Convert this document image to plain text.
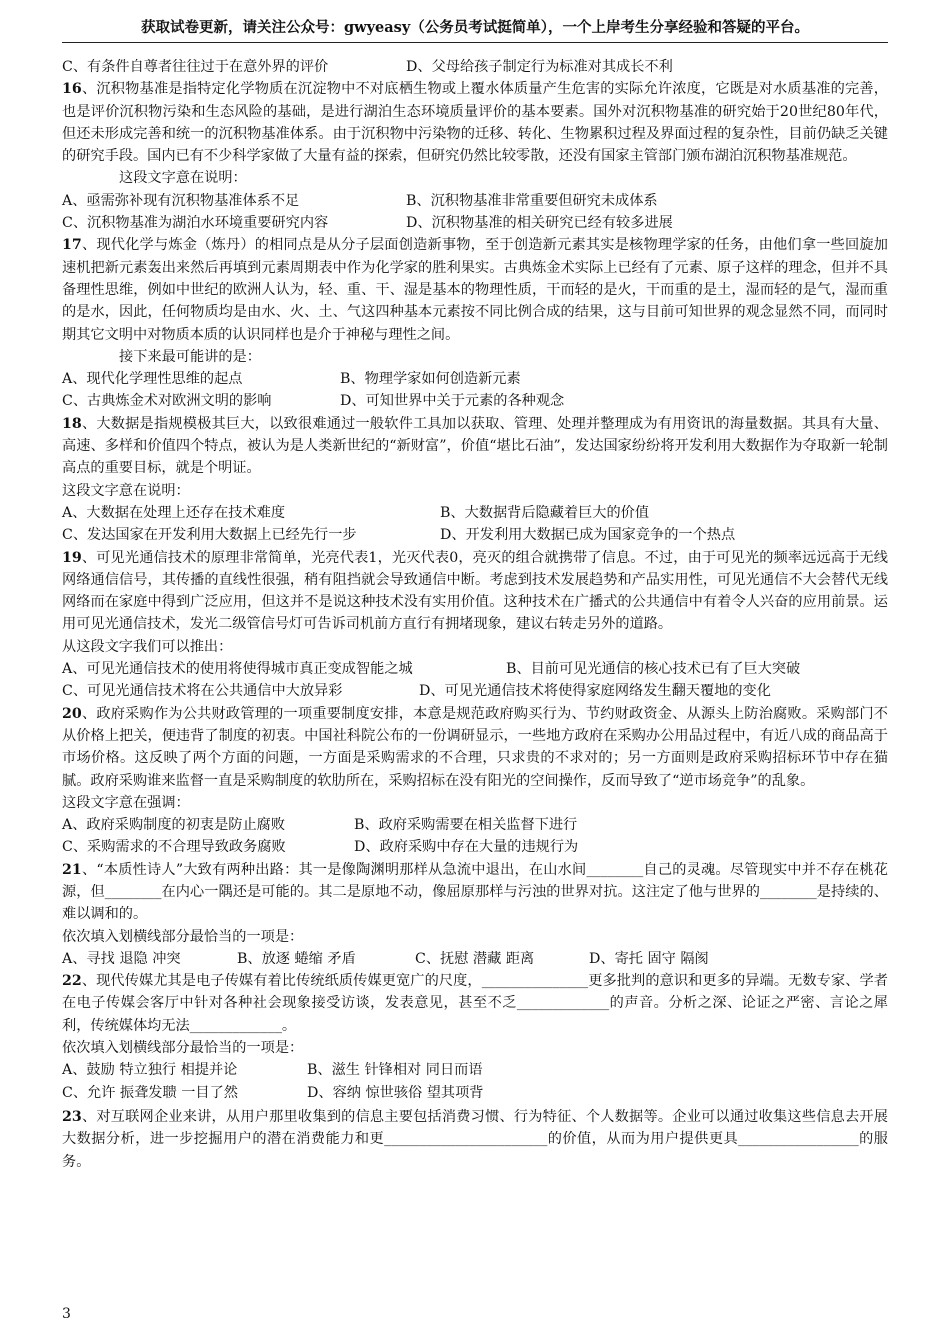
获取试卷更新，请关注公众号：gwyeasy（公务员考试挺简单），一个上岸考生分享经验和答疑的平台。
C、有条件自尊者往往过于在意外界的评价	D、父母给孩子制定行为标准对其成长不利

16、沉积物基准是指特定化学物质在沉淀物中不对底栖生物或上覆水体质量产生危害的实际允许浓度，它既是对水质基准的完善，也是评价沉积物污染和生态风险的基础，是进行湖泊生态环境质量评价的基本要素。国外对沉积物基准的研究始于20世纪80年代，但还未形成完善和统一的沉积物基准体系。由于沉积物中污染物的迁移、转化、生物累积过程及界面过程的复杂性，目前仍缺乏关键的研究手段。国内已有不少科学家做了大量有益的探索，但研究仍然比较零散，还没有国家主管部门颁布湖泊沉积物基准规范。

这段文字意在说明：

A、亟需弥补现有沉积物基准体系不足	B、沉积物基准非常重要但研究未成体系
C、沉积物基准为湖泊水环境重要研究内容	D、沉积物基准的相关研究已经有较多进展

17、现代化学与炼金（炼丹）的相同点是从分子层面创造新事物，至于创造新元素其实是核物理学家的任务，由他们拿一些回旋加速机把新元素轰出来然后再填到元素周期表中作为化学家的胜利果实。古典炼金术实际上已经有了元素、原子这样的理念，但并不具备理性思维，例如中世纪的欧洲人认为，轻、重、干、湿是基本的物理性质，干而轻的是火，干而重的是土，湿而轻的是气，湿而重的是水，因此，任何物质均是由水、火、土、气这四种基本元素按不同比例合成的结果，这与目前可知世界的观念显然不同，而同时期其它文明中对物质本质的认识同样也是介于神秘与理性之间。

接下来最可能讲的是：

A、现代化学理性思维的起点	B、物理学家如何创造新元素
C、古典炼金术对欧洲文明的影响	D、可知世界中关于元素的各种观念

18、大数据是指规模极其巨大，以致很难通过一般软件工具加以获取、管理、处理并整理成为有用资讯的海量数据。其具有大量、高速、多样和价值四个特点，被认为是人类新世纪的“新财富”，价值“堪比石油”，发达国家纷纷将开发利用大数据作为夺取新一轮制高点的重要目标，就是个明证。

这段文字意在说明：

A、大数据在处理上还存在技术难度	B、大数据背后隐藏着巨大的价值
C、发达国家在开发利用大数据上已经先行一步	D、开发利用大数据已成为国家竞争的一个热点

19、可见光通信技术的原理非常简单，光亮代表1，光灭代表0，亮灭的组合就携带了信息。不过，由于可见光的频率远远高于无线网络通信信号，其传播的直线性很强，稍有阻挡就会导致通信中断。考虑到技术发展趋势和产品实用性，可见光通信不大会替代无线网络而在家庭中得到广泛应用，但这并不是说这种技术没有实用价值。这种技术在广播式的公共通信中有着令人兴奋的应用前景。运用可见光通信技术，发光二级管信号灯可告诉司机前方直行有拥堵现象，建议右转走另外的道路。

从这段文字我们可以推出：

A、可见光通信技术的使用将使得城市真正变成智能之城	B、目前可见光通信的核心技术已有了巨大突破
C、可见光通信技术将在公共通信中大放异彩	D、可见光通信技术将使得家庭网络发生翻天覆地的变化

20、政府采购作为公共财政管理的一项重要制度安排，本意是规范政府购买行为、节约财政资金、从源头上防治腐败。采购部门不从价格上把关，便违背了制度的初衷。中国社科院公布的一份调研显示，一些地方政府在采购办公用品过程中，有近八成的商品高于市场价格。这反映了两个方面的问题，一方面是采购需求的不合理，只求贵的不求对的；另一方面则是政府采购招标环节中存在猫腻。政府采购谁来监督一直是采购制度的软肋所在，采购招标在没有阳光的空间操作，反而导致了“逆市场竞争”的乱象。

这段文字意在强调：

A、政府采购制度的初衷是防止腐败	B、政府采购需要在相关监督下进行
C、采购需求的不合理导致政务腐败	D、政府采购中存在大量的违规行为

21、“本质性诗人”大致有两种出路：其一是像陶渊明那样从急流中退出，在山水间________自己的灵魂。尽管现实中并不存在桃花源，但________在内心一隅还是可能的。其二是原地不动，像屈原那样与污浊的世界对抗。这注定了他与世界的________是持续的、难以调和的。

依次填入划横线部分最恰当的一项是：

A、寻找 退隐 冲突	B、放逐 蜷缩 矛盾	C、抚慰 潜藏 距离	D、寄托 固守 隔阂

22、现代传媒尤其是电子传媒有着比传统纸质传媒更宽广的尺度，_______________更多批判的意识和更多的异端。无数专家、学者在电子传媒会客厅中针对各种社会现象接受访谈，发表意见，甚至不乏_____________的声音。分析之深、论证之严密、言论之犀利，传统媒体均无法_____________。

依次填入划横线部分最恰当的一项是：

A、鼓励 特立独行 相提并论	B、滋生 针锋相对 同日而语
C、允许 振聋发聩 一目了然	D、容纳 惊世骇俗 望其项背

23、对互联网企业来讲，从用户那里收集到的信息主要包括消费习惯、行为特征、个人数据等。企业可以通过收集这些信息去开展大数据分析，进一步挖掘用户的潜在消费能力和更_______________________的价值，从而为用户提供更具_________________的服务。

3
